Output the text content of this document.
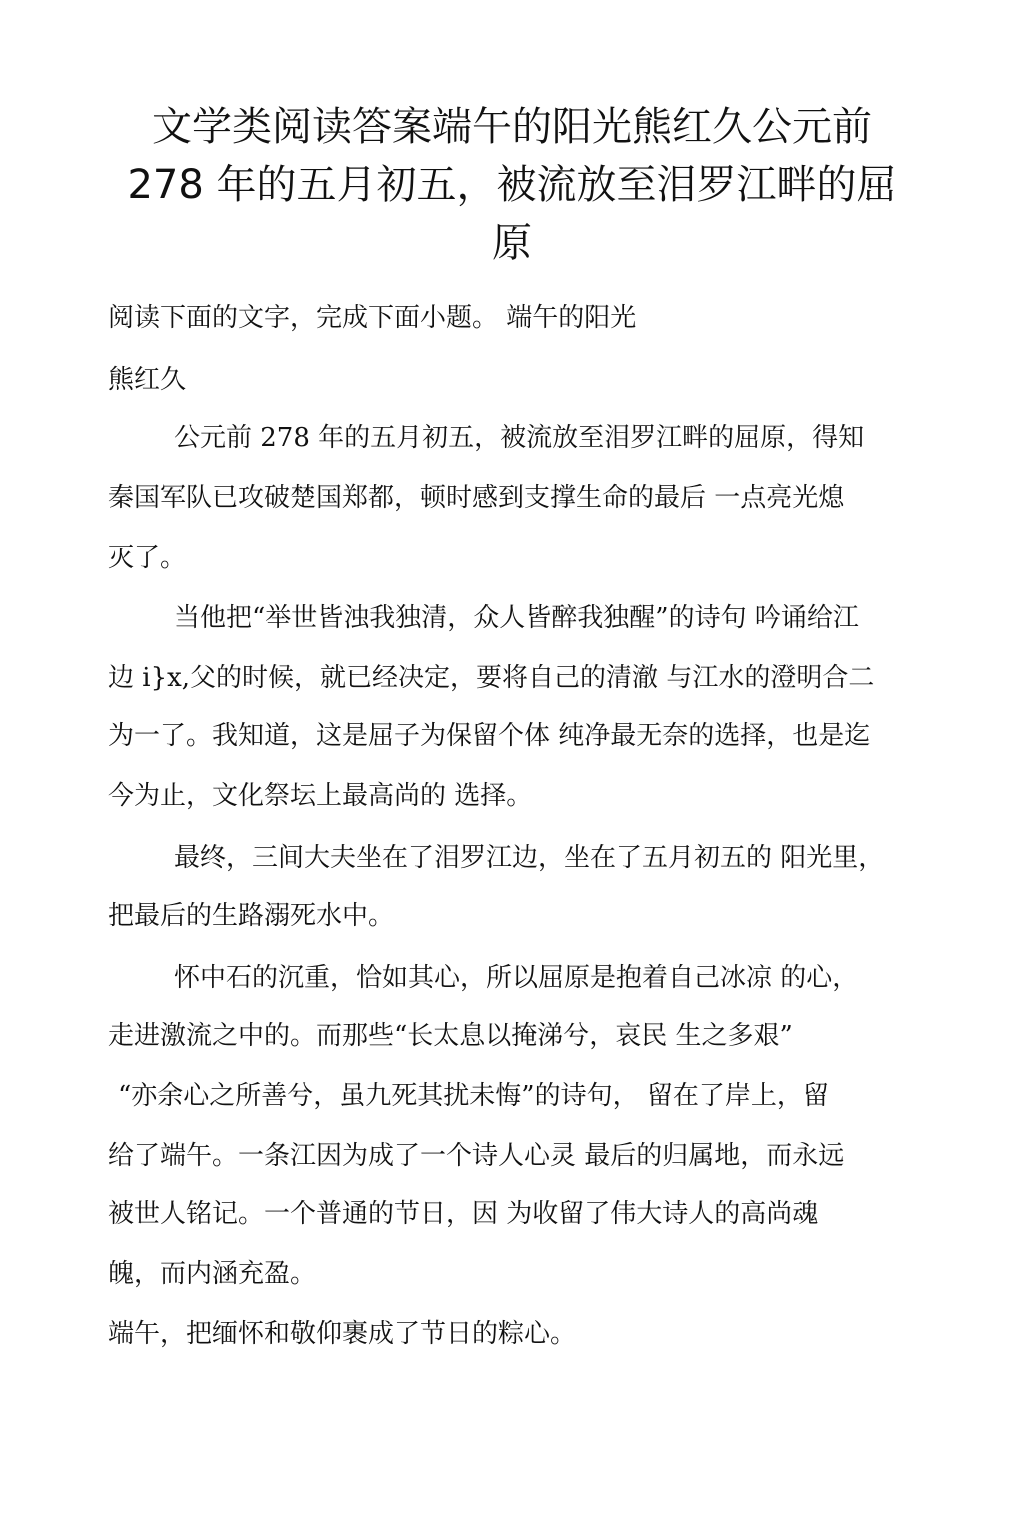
文学类阅读答案端午的阳光熊红久公元前
278 年的五月初五，被流放至泪罗江畔的屈
原
阅读下面的文字，完成下面小题。 端午的阳光
熊红久
公元前 278 年的五月初五，被流放至泪罗江畔的屈原，得知
秦国军队已攻破楚国郑都，顿时感到支撑生命的最后 一点亮光熄
灭了。
当他把“举世皆浊我独清，众人皆醉我独醒”的诗句 吟诵给江
边 i}x,父的时候，就已经决定，要将自己的清澈 与江水的澄明合二
为一了。我知道，这是屈子为保留个体 纯净最无奈的选择，也是迄
今为止，文化祭坛上最高尚的 选择。
最终，三间大夫坐在了泪罗江边，坐在了五月初五的 阳光里，
把最后的生路溺死水中。
怀中石的沉重，恰如其心，所以屈原是抱着自己冰凉 的心，
走进激流之中的。而那些“长太息以掩涕兮，哀民 生之多艰”
“亦余心之所善兮，虽九死其扰未悔”的诗句， 留在了岸上，留
给了端午。一条江因为成了一个诗人心灵 最后的归属地，而永远
被世人铭记。一个普通的节日，因 为收留了伟大诗人的高尚魂
魄，而内涵充盈。
端午，把缅怀和敬仰裹成了节日的粽心。
